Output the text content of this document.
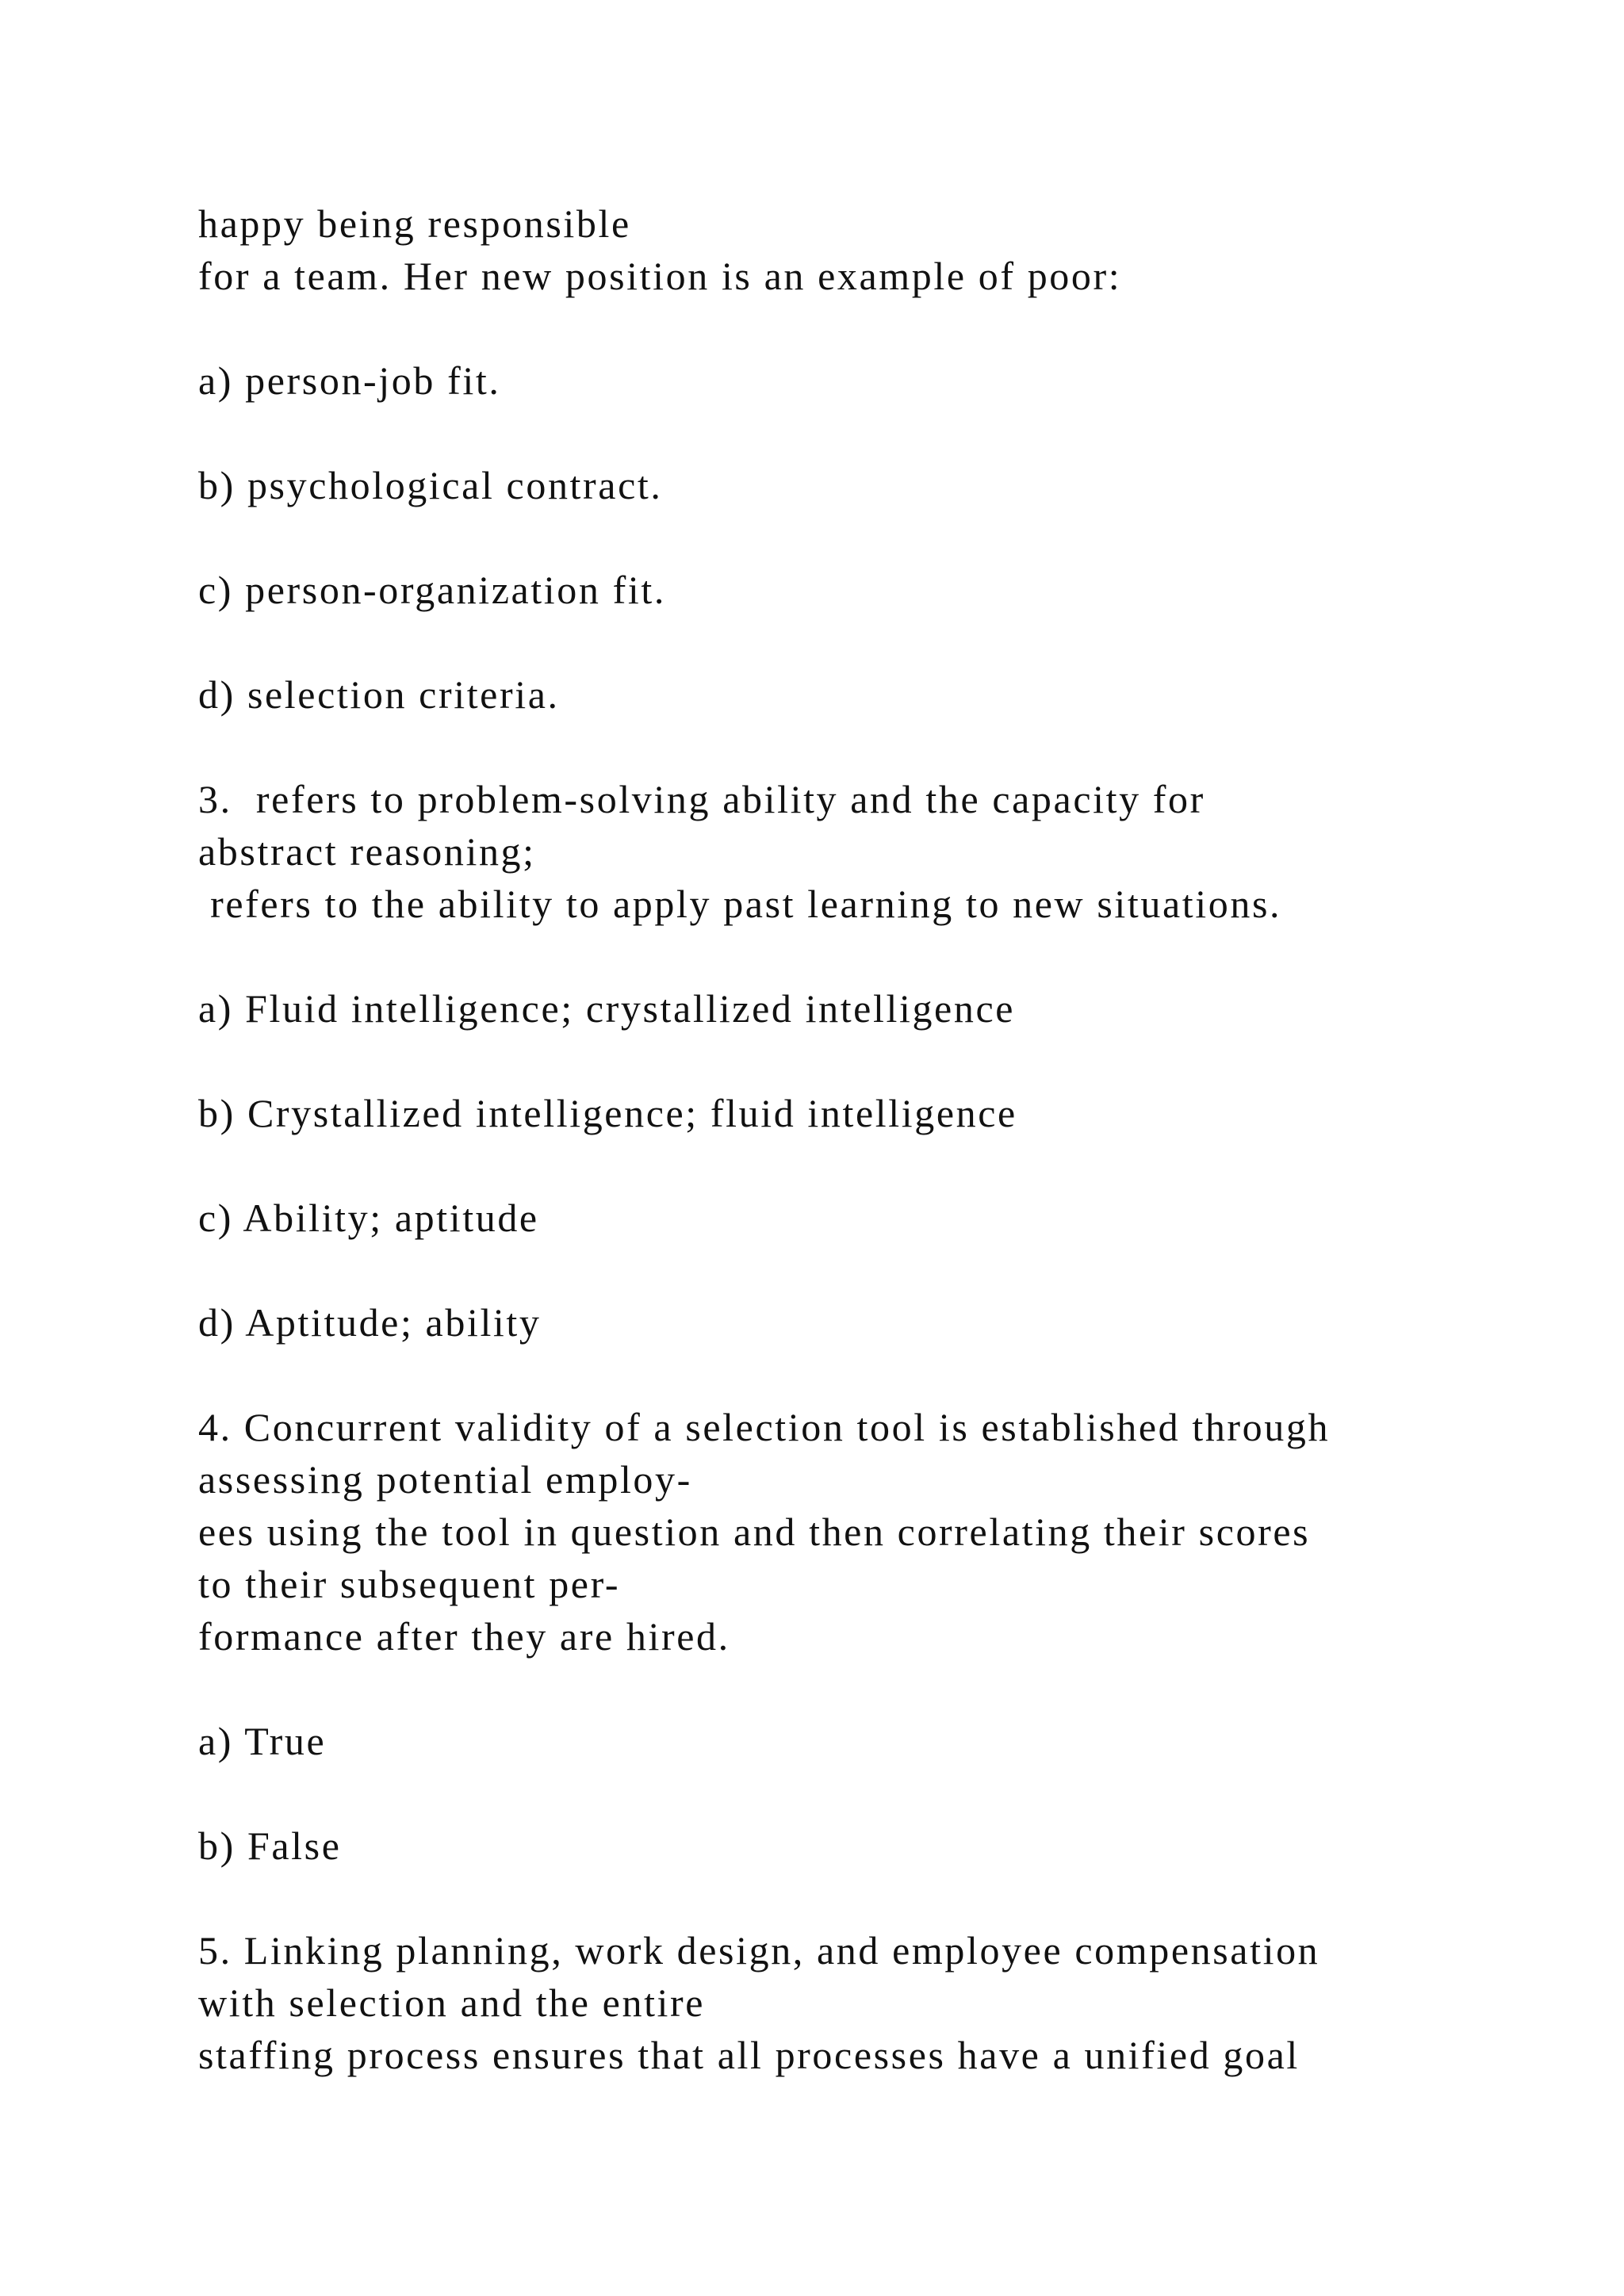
happy being responsible

for a team. Her new position is an example of poor:

a) person-job fit.

b) psychological contract.

c) person-organization fit.

d) selection criteria.

3.  refers to problem-solving ability and the capacity for

abstract reasoning;

refers to the ability to apply past learning to new situations.

a) Fluid intelligence; crystallized intelligence

b) Crystallized intelligence; fluid intelligence

c) Ability; aptitude

d) Aptitude; ability

4. Concurrent validity of a selection tool is established through

assessing potential employ-

ees using the tool in question and then correlating their scores

to their subsequent per-

formance after they are hired.

a) True

b) False

5. Linking planning, work design, and employee compensation

with selection and the entire

staffing process ensures that all processes have a unified goal
